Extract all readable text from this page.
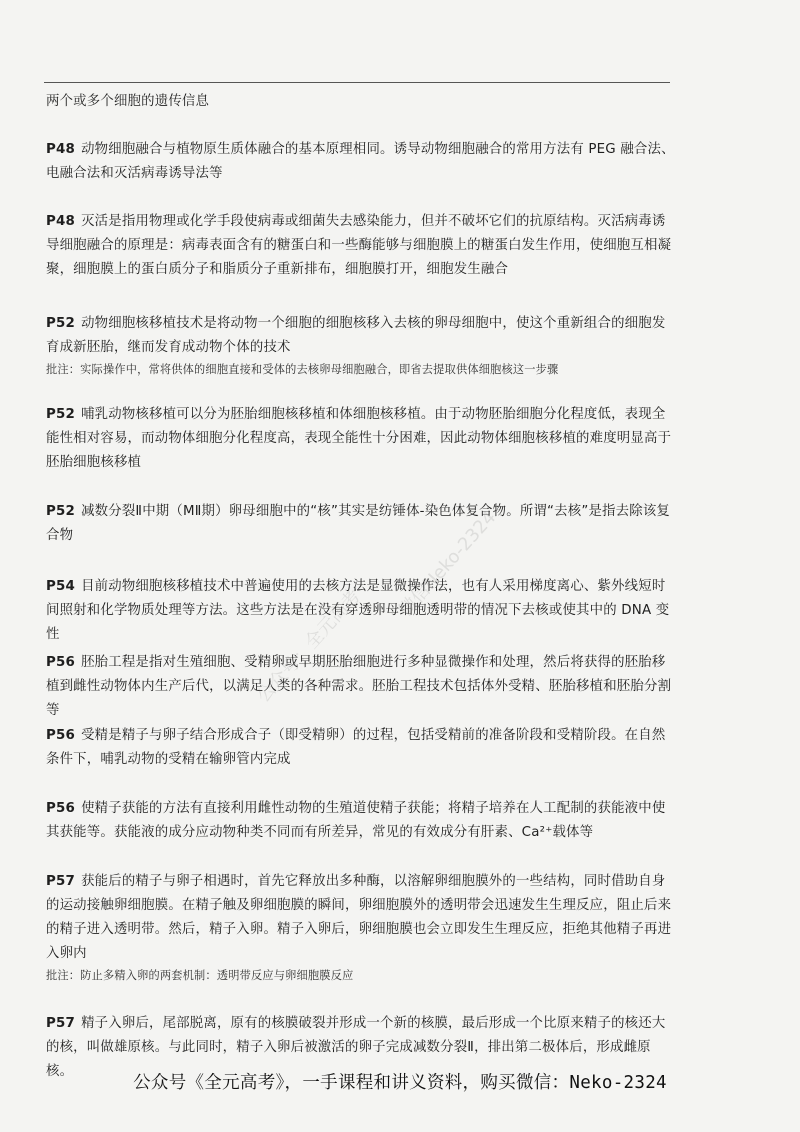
两个或多个细胞的遗传信息
P48 动物细胞融合与植物原生质体融合的基本原理相同。诱导动物细胞融合的常用方法有 PEG 融合法、电融合法和灭活病毒诱导法等
P48 灭活是指用物理或化学手段使病毒或细菌失去感染能力，但并不破坏它们的抗原结构。灭活病毒诱导细胞融合的原理是：病毒表面含有的糖蛋白和一些酶能够与细胞膜上的糖蛋白发生作用，使细胞互相凝聚，细胞膜上的蛋白质分子和脂质分子重新排布，细胞膜打开，细胞发生融合
P52 动物细胞核移植技术是将动物一个细胞的细胞核移入去核的卵母细胞中，使这个重新组合的细胞发育成新胚胎，继而发育成动物个体的技术
批注：实际操作中，常将供体的细胞直接和受体的去核卵母细胞融合，即省去提取供体细胞核这一步骤
P52 哺乳动物核移植可以分为胚胎细胞核移植和体细胞核移植。由于动物胚胎细胞分化程度低，表现全能性相对容易，而动物体细胞分化程度高，表现全能性十分困难，因此动物体细胞核移植的难度明显高于胚胎细胞核移植
P52 减数分裂Ⅱ中期（MⅡ期）卵母细胞中的“核”其实是纺锤体-染色体复合物。所谓“去核”是指去除该复合物
P54 目前动物细胞核移植技术中普遍使用的去核方法是显微操作法，也有人采用梯度离心、紫外线短时间照射和化学物质处理等方法。这些方法是在没有穿透卵母细胞透明带的情况下去核或使其中的 DNA 变性
P56 胚胎工程是指对生殖细胞、受精卵或早期胚胎细胞进行多种显微操作和处理，然后将获得的胚胎移植到雌性动物体内生产后代，以满足人类的各种需求。胚胎工程技术包括体外受精、胚胎移植和胚胎分割等
P56 受精是精子与卵子结合形成合子（即受精卵）的过程，包括受精前的准备阶段和受精阶段。在自然条件下，哺乳动物的受精在输卵管内完成
P56 使精子获能的方法有直接利用雌性动物的生殖道使精子获能；将精子培养在人工配制的获能液中使其获能等。获能液的成分应动物种类不同而有所差异，常见的有效成分有肝素、Ca²⁺载体等
P57 获能后的精子与卵子相遇时，首先它释放出多种酶，以溶解卵细胞膜外的一些结构，同时借助自身的运动接触卵细胞膜。在精子触及卵细胞膜的瞬间，卵细胞膜外的透明带会迅速发生生理反应，阻止后来的精子进入透明带。然后，精子入卵。精子入卵后，卵细胞膜也会立即发生生理反应，拒绝其他精子再进入卵内
批注：防止多精入卵的两套机制：透明带反应与卵细胞膜反应
P57 精子入卵后，尾部脱离，原有的核膜破裂并形成一个新的核膜，最后形成一个比原来精子的核还大的核，叫做雄原核。与此同时，精子入卵后被激活的卵子完成减数分裂Ⅱ，排出第二极体后，形成雌原核。
微信Neko-2324
公众号：全元高考
公众号《全元高考》，一手课程和讲义资料，购买微信：Neko-2324
